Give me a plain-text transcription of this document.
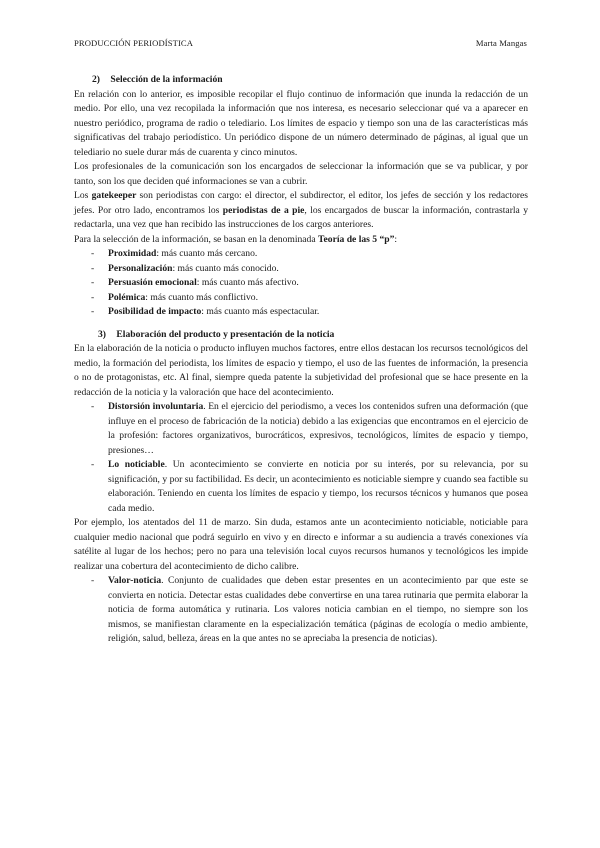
PRODUCCIÓN PERIODÍSTICA	Marta Mangas
2) Selección de la información

En relación con lo anterior, es imposible recopilar el flujo continuo de información que inunda la redacción de un medio. Por ello, una vez recopilada la información que nos interesa, es necesario seleccionar qué va a aparecer en nuestro periódico, programa de radio o telediario. Los límites de espacio y tiempo son una de las características más significativas del trabajo periodístico. Un periódico dispone de un número determinado de páginas, al igual que un telediario no suele durar más de cuarenta y cinco minutos.

Los profesionales de la comunicación son los encargados de seleccionar la información que se va publicar, y por tanto, son los que deciden qué informaciones se van a cubrir.

Los gatekeeper son periodistas con cargo: el director, el subdirector, el editor, los jefes de sección y los redactores jefes. Por otro lado, encontramos los periodistas de a pie, los encargados de buscar la información, contrastarla y redactarla, una vez que han recibido las instrucciones de los cargos anteriores.

Para la selección de la información, se basan en la denominada Teoría de las 5 “p”:

- Proximidad: más cuanto más cercano.
- Personalización: más cuanto más conocido.
- Persuasión emocional: más cuanto más afectivo.
- Polémica: más cuanto más conflictivo.
- Posibilidad de impacto: más cuanto más espectacular.
3) Elaboración del producto y presentación de la noticia

En la elaboración de la noticia o producto influyen muchos factores, entre ellos destacan los recursos tecnológicos del medio, la formación del periodista, los límites de espacio y tiempo, el uso de las fuentes de información, la presencia o no de protagonistas, etc. Al final, siempre queda patente la subjetividad del profesional que se hace presente en la redacción de la noticia y la valoración que hace del acontecimiento.

- Distorsión involuntaria. En el ejercicio del periodismo, a veces los contenidos sufren una deformación (que influye en el proceso de fabricación de la noticia) debido a las exigencias que encontramos en el ejercicio de la profesión: factores organizativos, burocráticos, expresivos, tecnológicos, límites de espacio y tiempo, presiones…
- Lo noticiable. Un acontecimiento se convierte en noticia por su interés, por su relevancia, por su significación, y por su factibilidad. Es decir, un acontecimiento es noticiable siempre y cuando sea factible su elaboración. Teniendo en cuenta los límites de espacio y tiempo, los recursos técnicos y humanos que posea cada medio.

Por ejemplo, los atentados del 11 de marzo. Sin duda, estamos ante un acontecimiento noticiable, noticiable para cualquier medio nacional que podrá seguirlo en vivo y en directo e informar a su audiencia a través conexiones vía satélite al lugar de los hechos; pero no para una televisión local cuyos recursos humanos y tecnológicos les impide realizar una cobertura del acontecimiento de dicho calibre.

- Valor-noticia. Conjunto de cualidades que deben estar presentes en un acontecimiento par que este se convierta en noticia. Detectar estas cualidades debe convertirse en una tarea rutinaria que permita elaborar la noticia de forma automática y rutinaria. Los valores noticia cambian en el tiempo, no siempre son los mismos, se manifiestan claramente en la especialización temática (páginas de ecología o medio ambiente, religión, salud, belleza, áreas en la que antes no se apreciaba la presencia de noticias).
